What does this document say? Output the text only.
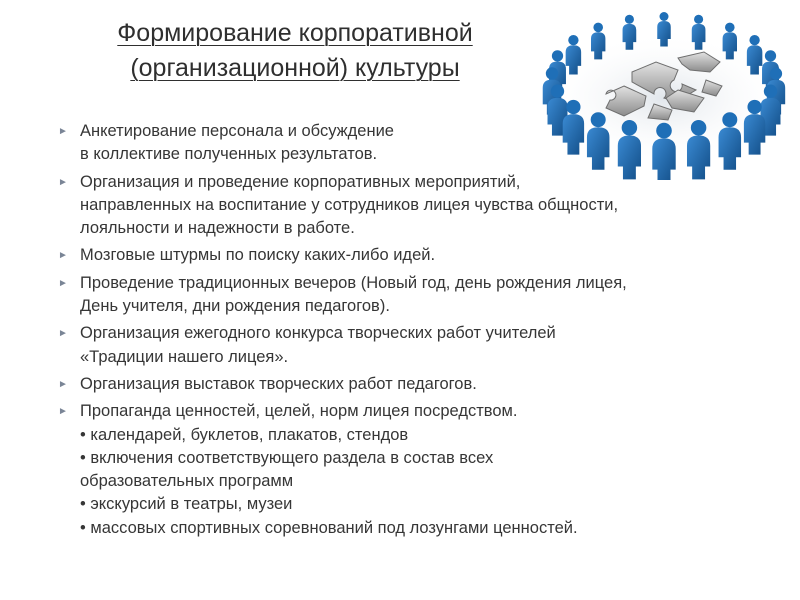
Формирование корпоративной
(организационной) культуры
► Анкетирование персонала и обсуждение
в коллективе полученных результатов.
► Организация и проведение корпоративных мероприятий,
направленных на воспитание у сотрудников лицея чувства общности,
лояльности и надежности в работе.
► Мозговые штурмы по поиску каких-либо идей.
► Проведение традиционных вечеров (Новый год, день рождения лицея,
День учителя, дни рождения педагогов).
► Организация ежегодного конкурса творческих работ учителей
«Традиции нашего лицея».
► Организация выставок творческих работ педагогов.
► Пропаганда ценностей, целей, норм лицея посредством.
• календарей, буклетов, плакатов, стендов
• включения соответствующего раздела в состав всех
образовательных программ
• экскурсий в театры, музеи
• массовых спортивных соревнований под лозунгами ценностей.
